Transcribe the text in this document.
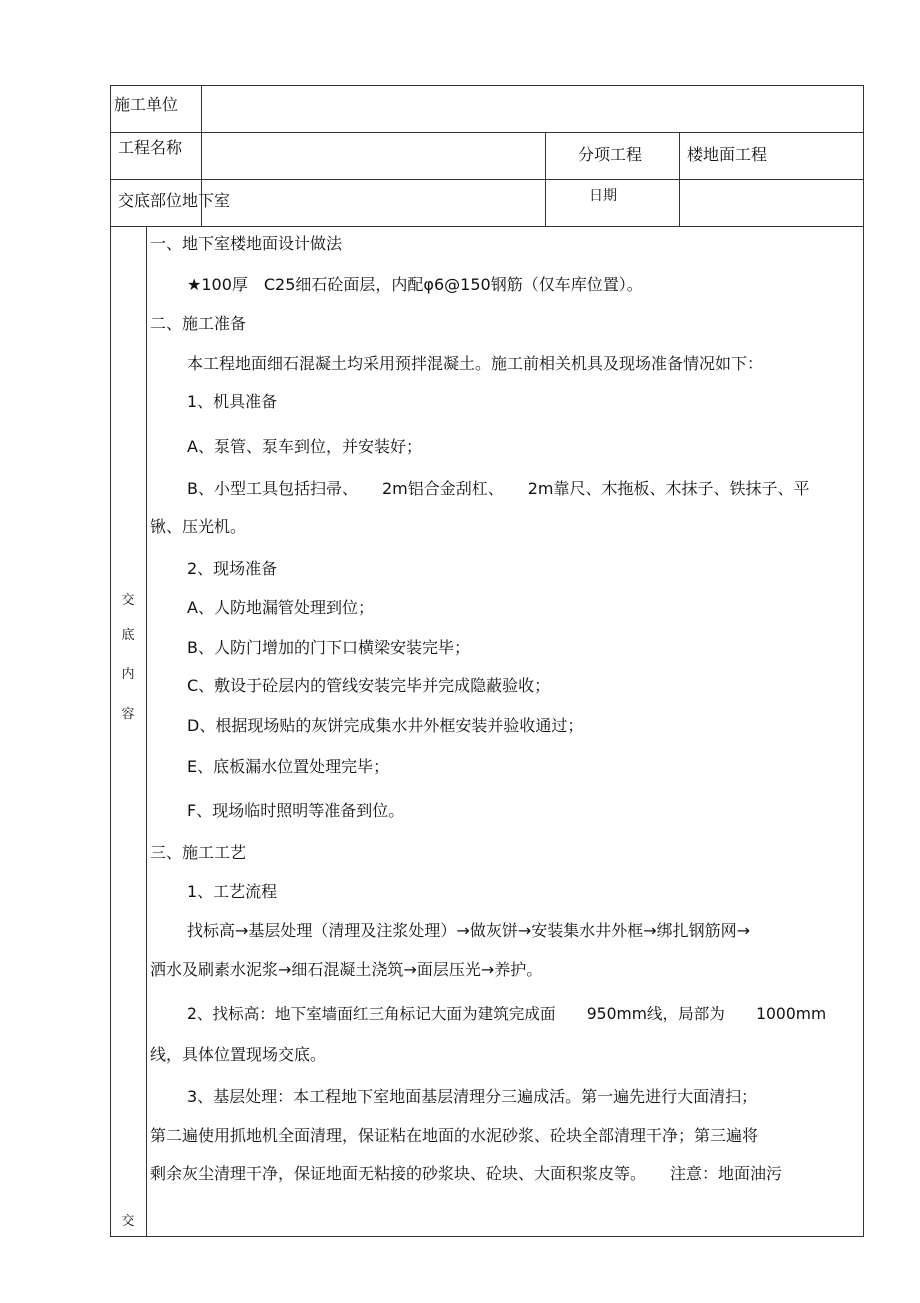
施工单位
工程名称	分项工程	楼地面工程
交底部位地下室	日期
交
底
内
容
交
一、地下室楼地面设计做法
★100厚　C25细石砼面层，内配φ6@150钢筋（仅车库位置）。
二、施工准备
本工程地面细石混凝土均采用预拌混凝土。施工前相关机具及现场准备情况如下：
1、机具准备
A、泵管、泵车到位，并安装好；
B、小型工具包括扫帚、　　2m铝合金刮杠、　　2m靠尺、木拖板、木抹子、铁抹子、平
锹、压光机。
2、现场准备
A、人防地漏管处理到位；
B、人防门增加的门下口横梁安装完毕；
C、敷设于砼层内的管线安装完毕并完成隐蔽验收；
D、根据现场贴的灰饼完成集水井外框安装并验收通过；
E、底板漏水位置处理完毕；
F、现场临时照明等准备到位。
三、施工工艺
1、工艺流程
找标高→基层处理（清理及注浆处理）→做灰饼→安装集水井外框→绑扎钢筋网→
洒水及刷素水泥浆→细石混凝土浇筑→面层压光→养护。
2、找标高：地下室墙面红三角标记大面为建筑完成面　　950mm线，局部为　　1000mm
线，具体位置现场交底。
3、基层处理：本工程地下室地面基层清理分三遍成活。第一遍先进行大面清扫；
第二遍使用抓地机全面清理，保证粘在地面的水泥砂浆、砼块全部清理干净；第三遍将
剩余灰尘清理干净，保证地面无粘接的砂浆块、砼块、大面积浆皮等。　　注意：地面油污
